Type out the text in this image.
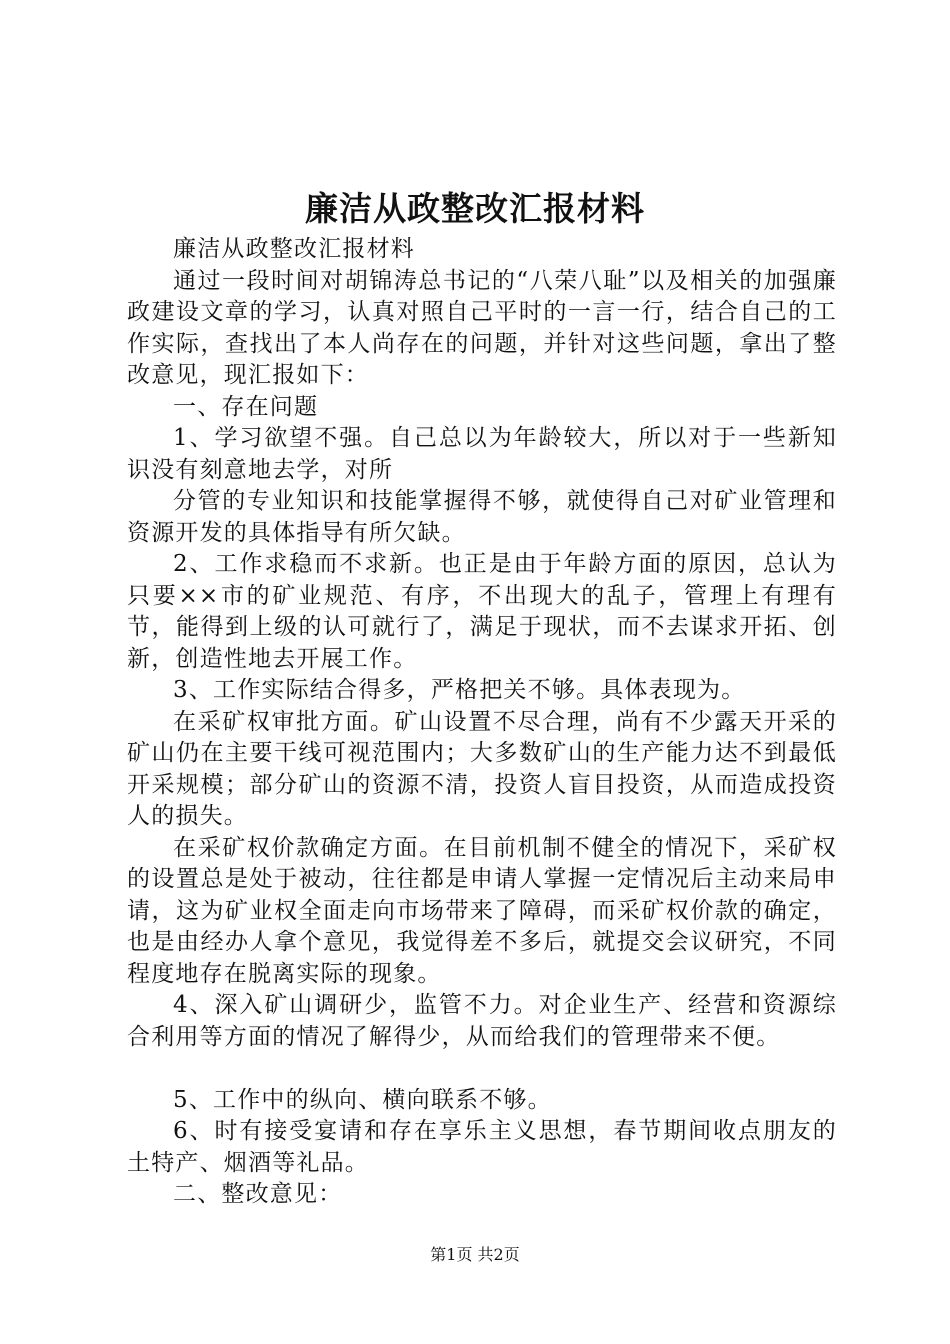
廉洁从政整改汇报材料

廉洁从政整改汇报材料

通过一段时间对胡锦涛总书记的“八荣八耻”以及相关的加强廉政建设文章的学习，认真对照自己平时的一言一行，结合自己的工作实际，查找出了本人尚存在的问题，并针对这些问题，拿出了整改意见，现汇报如下：

一、存在问题

1、学习欲望不强。自己总以为年龄较大，所以对于一些新知识没有刻意地去学，对所

分管的专业知识和技能掌握得不够，就使得自己对矿业管理和资源开发的具体指导有所欠缺。

2、工作求稳而不求新。也正是由于年龄方面的原因，总认为只要××市的矿业规范、有序，不出现大的乱子，管理上有理有节，能得到上级的认可就行了，满足于现状，而不去谋求开拓、创新，创造性地去开展工作。

3、工作实际结合得多，严格把关不够。具体表现为。

在采矿权审批方面。矿山设置不尽合理，尚有不少露天开采的矿山仍在主要干线可视范围内；大多数矿山的生产能力达不到最低开采规模；部分矿山的资源不清，投资人盲目投资，从而造成投资人的损失。

在采矿权价款确定方面。在目前机制不健全的情况下，采矿权的设置总是处于被动，往往都是申请人掌握一定情况后主动来局申请，这为矿业权全面走向市场带来了障碍，而采矿权价款的确定，也是由经办人拿个意见，我觉得差不多后，就提交会议研究，不同程度地存在脱离实际的现象。

4、深入矿山调研少，监管不力。对企业生产、经营和资源综合利用等方面的情况了解得少，从而给我们的管理带来不便。

5、工作中的纵向、横向联系不够。

6、时有接受宴请和存在享乐主义思想，春节期间收点朋友的土特产、烟酒等礼品。

二、整改意见：

第1页 共2页
